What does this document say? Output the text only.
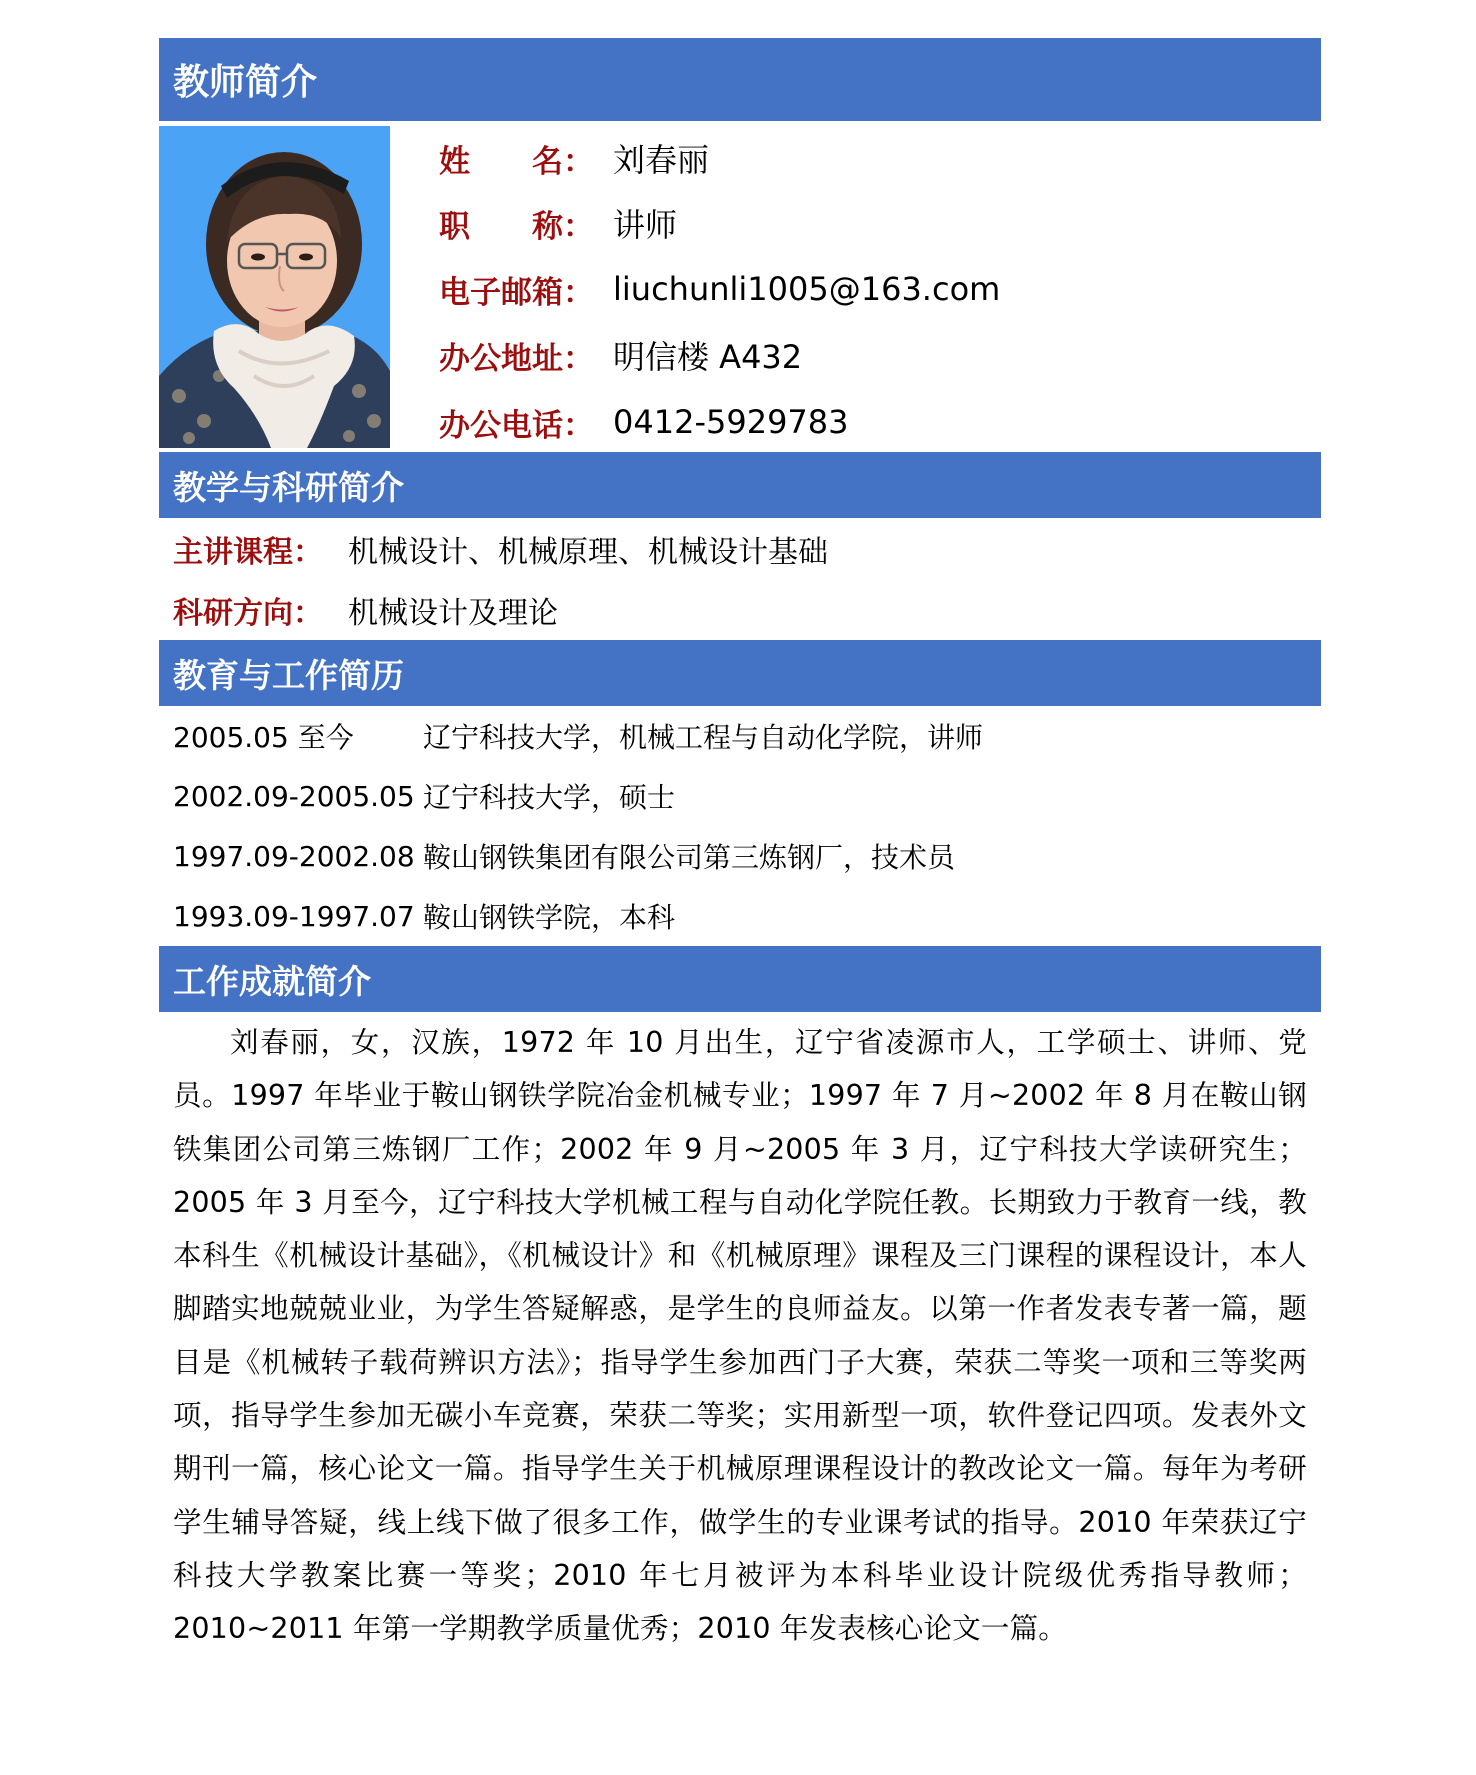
教师简介
姓　　名： 刘春丽
职　　称： 讲师
电子邮箱： liuchunli1005@163.com
办公地址： 明信楼 A432
办公电话： 0412-5929783
教学与科研简介
主讲课程： 机械设计、机械原理、机械设计基础
科研方向： 机械设计及理论
教育与工作简历
2005.05 至今	辽宁科技大学，机械工程与自动化学院，讲师
2002.09-2005.05 辽宁科技大学，硕士
1997.09-2002.08 鞍山钢铁集团有限公司第三炼钢厂，技术员
1993.09-1997.07 鞍山钢铁学院，本科
工作成就简介
刘春丽，女，汉族，1972 年 10 月出生，辽宁省凌源市人，工学硕士、讲师、党员。1997 年毕业于鞍山钢铁学院冶金机械专业；1997 年 7 月~2002 年 8 月在鞍山钢铁集团公司第三炼钢厂工作；2002 年 9 月~2005 年 3 月，辽宁科技大学读研究生；2005 年 3 月至今，辽宁科技大学机械工程与自动化学院任教。长期致力于教育一线，教本科生《机械设计基础》，《机械设计》和《机械原理》课程及三门课程的课程设计，本人脚踏实地兢兢业业，为学生答疑解惑，是学生的良师益友。以第一作者发表专著一篇，题目是《机械转子载荷辨识方法》；指导学生参加西门子大赛，荣获二等奖一项和三等奖两项，指导学生参加无碳小车竞赛，荣获二等奖；实用新型一项，软件登记四项。发表外文期刊一篇，核心论文一篇。指导学生关于机械原理课程设计的教改论文一篇。每年为考研学生辅导答疑，线上线下做了很多工作，做学生的专业课考试的指导。2010 年荣获辽宁科技大学教案比赛一等奖；2010 年七月被评为本科毕业设计院级优秀指导教师；2010~2011 年第一学期教学质量优秀；2010 年发表核心论文一篇。
